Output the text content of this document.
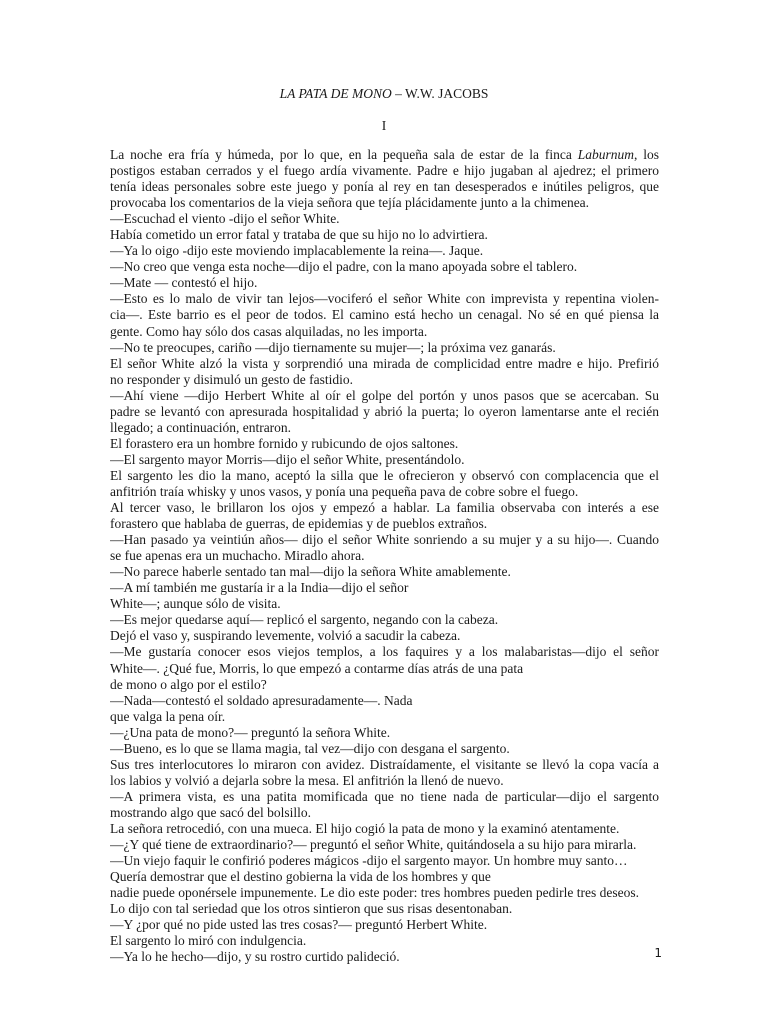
LA PATA DE MONO – W.W. JACOBS
I
La noche era fría y húmeda, por lo que, en la pequeña sala de estar de la finca Laburnum, los
postigos estaban cerrados y el fuego ardía vivamente. Padre e hijo jugaban al ajedrez; el primero
tenía ideas personales sobre este juego y ponía al rey en tan desesperados e inútiles peligros, que
provocaba los comentarios de la vieja señora que tejía plácidamente junto a la chimenea.
—Escuchad el viento -dijo el señor White.
Había cometido un error fatal y trataba de que su hijo no lo advirtiera.
—Ya lo oigo -dijo este moviendo implacablemente la reina—. Jaque.
—No creo que venga esta noche—dijo el padre, con la mano apoyada sobre el tablero.
—Mate — contestó el hijo.
—Esto es lo malo de vivir tan lejos—vociferó el señor White con imprevista y repentina violen-
cia—. Este barrio es el peor de todos. El camino está hecho un cenagal. No sé en qué piensa la
gente. Como hay sólo dos casas alquiladas, no les importa.
—No te preocupes, cariño —dijo tiernamente su mujer—; la próxima vez ganarás.
El señor White alzó la vista y sorprendió una mirada de complicidad entre madre e hijo. Prefirió
no responder y disimuló un gesto de fastidio.
—Ahí viene —dijo Herbert White al oír el golpe del portón y unos pasos que se acercaban. Su
padre se levantó con apresurada hospitalidad y abrió la puerta; lo oyeron lamentarse ante el recién
llegado; a continuación, entraron.
El forastero era un hombre fornido y rubicundo de ojos saltones.
—El sargento mayor Morris—dijo el señor White, presentándolo.
El sargento les dio la mano, aceptó la silla que le ofrecieron y observó con complacencia que el
anfitrión traía whisky y unos vasos, y ponía una pequeña pava de cobre sobre el fuego.
Al tercer vaso, le brillaron los ojos y empezó a hablar. La familia observaba con interés a ese
forastero que hablaba de guerras, de epidemias y de pueblos extraños.
—Han pasado ya veintiún años— dijo el señor White sonriendo a su mujer y a su hijo—. Cuando
se fue apenas era un muchacho. Miradlo ahora.
—No parece haberle sentado tan mal—dijo la señora White amablemente.
—A mí también me gustaría ir a la India—dijo el señor
White—; aunque sólo de visita.
—Es mejor quedarse aquí— replicó el sargento, negando con la cabeza.
Dejó el vaso y, suspirando levemente, volvió a sacudir la cabeza.
—Me gustaría conocer esos viejos templos, a los faquires y a los malabaristas—dijo el señor
White—. ¿Qué fue, Morris, lo que empezó a contarme días atrás de una pata
de mono o algo por el estilo?
—Nada—contestó el soldado apresuradamente—. Nada
que valga la pena oír.
—¿Una pata de mono?— preguntó la señora White.
—Bueno, es lo que se llama magia, tal vez—dijo con desgana el sargento.
Sus tres interlocutores lo miraron con avidez. Distraídamente, el visitante se llevó la copa vacía a
los labios y volvió a dejarla sobre la mesa. El anfitrión la llenó de nuevo.
—A primera vista, es una patita momificada que no tiene nada de particular—dijo el sargento
mostrando algo que sacó del bolsillo.
La señora retrocedió, con una mueca. El hijo cogió la pata de mono y la examinó atentamente.
—¿Y qué tiene de extraordinario?— preguntó el señor White, quitándosela a su hijo para mirarla.
—Un viejo faquir le confirió poderes mágicos -dijo el sargento mayor. Un hombre muy santo…
Quería demostrar que el destino gobierna la vida de los hombres y que
nadie puede oponérsele impunemente. Le dio este poder: tres hombres pueden pedirle tres deseos.
Lo dijo con tal seriedad que los otros sintieron que sus risas desentonaban.
—Y ¿por qué no pide usted las tres cosas?— preguntó Herbert White.
El sargento lo miró con indulgencia.
—Ya lo he hecho—dijo, y su rostro curtido palideció.	1
